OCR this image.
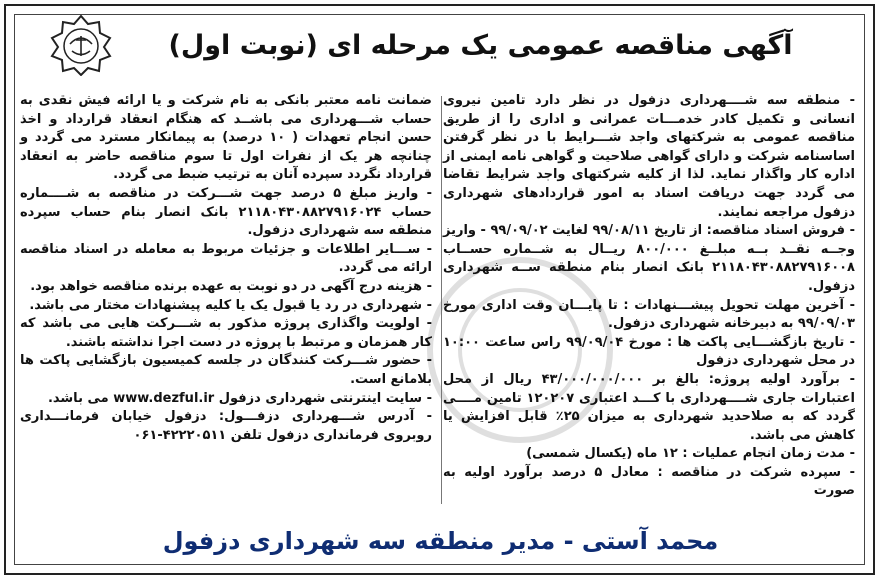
آگهی مناقصه عمومی یک مرحله ای (نوبت اول)

- منطقه سه شــــهرداری دزفول در نظر دارد تامین نیروی انسانی و تکمیل کادر خدمـــات عمرانی و اداری را از طریق مناقصه عمومی به شرکتهای واجد شـــرایط با در نظر گرفتن اساسنامه شرکت و دارای گواهی صلاحیت و گواهی نامه ایمنی از اداره کار واگذار نماید. لذا از کلیه شرکتهای واجد شرایط تقاضا می گردد جهت دریافت اسناد به امور قراردادهای شهرداری دزفول مراجعه نمایند.

- فروش اسناد مناقصه: از تاریخ ۹۹/۰۸/۱۱ لغایت ۹۹/۰۹/۰۲ - واریز وجــه نقــد بــه مبلــغ ۸۰۰/۰۰۰ ریــال به شــماره حســاب ۲۱۱۸۰۴۳۰۸۸۲۷۹۱۶۰۰۸ بانک انصار بنام منطقه ســه شهرداری دزفول.

- آخرین مهلت تحویل پیشـــنهادات : تا پایـــان وقت اداری مورخ ۹۹/۰۹/۰۳ به دبیرخانه شهرداری دزفول.

- تاریخ بازگشـــایی پاکت ها : مورخ ۹۹/۰۹/۰۴ راس ساعت ۱۰:۰۰ در محل شهرداری دزفول

- برآورد اولیه پروژه: بالغ بر ۴۳/۰۰۰/۰۰۰/۰۰۰ ریال از محل اعتبارات جاری شــــهرداری با کـــد اعتباری ۱۲۰۲۰۷ تامین مــــی گردد که به صلاحدید شهرداری به میزان ۲۵٪ قابل افزایش یا کاهش می باشد.

- مدت زمان انجام عملیات : ۱۲ ماه (یکسال شمسی)

- سپرده شرکت در مناقصه : معادل ۵ درصد برآورد اولیه به صورت

ضمانت نامه معتبر بانکی به نام شرکت و یا ارائه فیش نقدی به حساب شـــهرداری می باشــد که هنگام انعقاد قرارداد و اخذ حسن انجام تعهدات ( ۱۰ درصد) به پیمانکار مسترد می گردد و چنانچه هر یک از نفرات اول تا سوم مناقصه حاضر به انعقاد قرارداد نگردد سپرده آنان به ترتیب ضبط می گردد.

- واریز مبلغ ۵ درصد جهت شـــرکت در مناقصه به شــــماره حساب ۲۱۱۸۰۴۳۰۸۸۲۷۹۱۶۰۲۴ بانک انصار بنام حساب سپرده منطقه سه شهرداری دزفول.

- ســـایر اطلاعات و جزئیات مربوط به معامله در اسناد مناقصه ارائه می گردد.

- هزینه درج آگهی در دو نوبت به عهده برنده مناقصه خواهد بود.

- شهرداری در رد یا قبول یک یا کلیه پیشنهادات مختار می باشد.

- اولویت واگذاری پروژه مذکور به شـــرکت هایی می باشد که کار همزمان و مرتبط با پروژه در دست اجرا نداشته باشند.

- حضور شـــرکت کنندگان در جلسه کمیسیون بازگشایی پاکت ها بلامانع است.

- سایت اینترنتی شهرداری دزفول www.dezful.ir می باشد.

- آدرس شـــهرداری دزفـــول: دزفول خیابان فرمانـــداری روبروی فرمانداری دزفول تلفن ۴۲۲۲۰۵۱۱-۰۶۱

محمد آستی - مدیر منطقه سه شهرداری دزفول
